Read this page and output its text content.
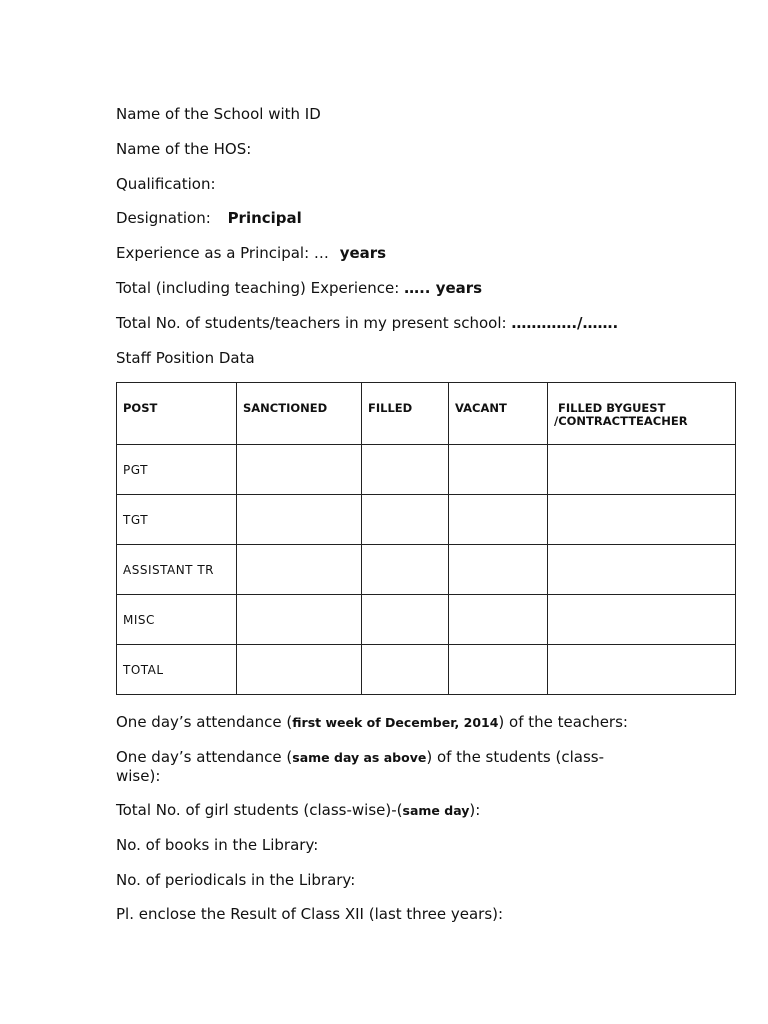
Name of the School with ID
Name of the HOS:
Qualification:
Designation: Principal
Experience as a Principal: … years
Total (including teaching) Experience: ….. years
Total No. of students/teachers in my present school: …………./…….
Staff Position Data
POST	SANCTIONED	FILLED	VACANT	FILLED BYGUEST
/CONTRACTTEACHER

PGT				
TGT				
ASSISTANT TR				
MISC				
TOTAL				
One day’s attendance (first week of December, 2014) of the teachers:
One day’s attendance (same day as above) of the students (class-wise):
Total No. of girl students (class-wise)-(same day):
No. of books in the Library:
No. of periodicals in the Library:
Pl. enclose the Result of Class XII (last three years):
